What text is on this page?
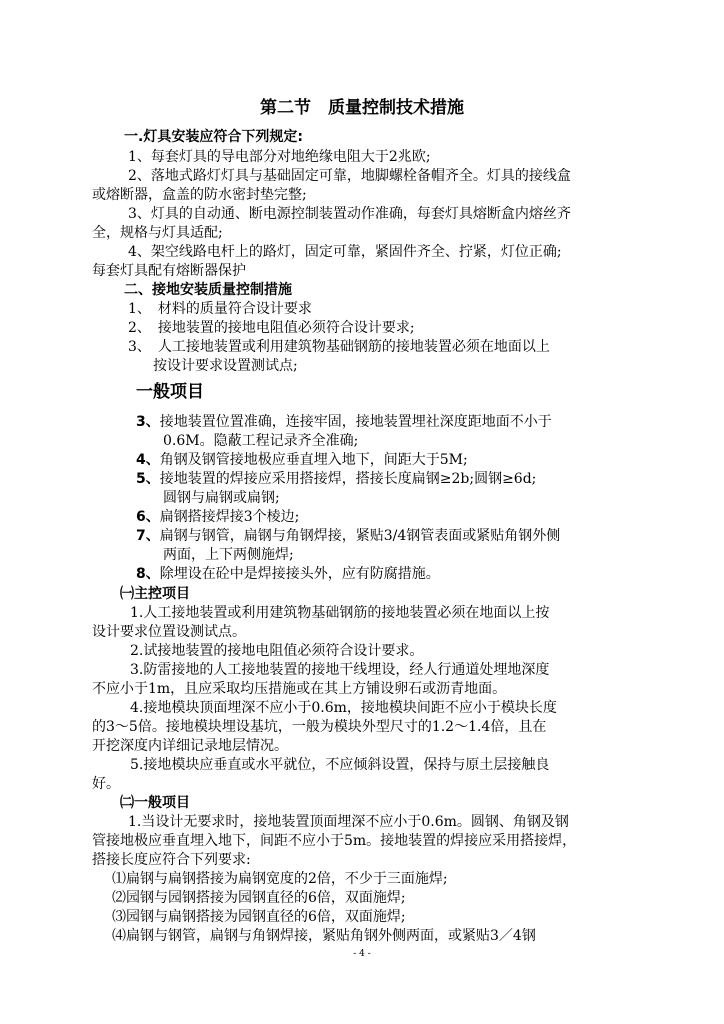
第二节　质量控制技术措施
一.灯具安装应符合下列规定:
1、每套灯具的导电部分对地绝缘电阻大于2兆欧;
2、落地式路灯灯具与基础固定可靠，地脚螺栓备帽齐全。灯具的接线盒
或熔断器，盒盖的防水密封垫完整;
3、灯具的自动通、断电源控制装置动作准确，每套灯具熔断盒内熔丝齐
全，规格与灯具适配;
4、架空线路电杆上的路灯，固定可靠，紧固件齐全、拧紧，灯位正确;
每套灯具配有熔断器保护
二、接地安装质量控制措施
1、　材料的质量符合设计要求
2、　接地装置的接地电阻值必须符合设计要求;
3、　人工接地装置或利用建筑物基础钢筋的接地装置必须在地面以上
按设计要求设置测试点;
一般项目
3、接地装置位置准确，连接牢固，接地装置埋社深度距地面不小于
0.6M。隐蔽工程记录齐全准确;
4、角钢及钢管接地极应垂直埋入地下，间距大于5M;
5、接地装置的焊接应采用搭接焊，搭接长度扁钢≥2b;圆钢≥6d;
圆钢与扁钢或扁钢;
6、扁钢搭接焊接3个棱边;
7、扁钢与钢管，扁钢与角钢焊接，紧贴3/4钢管表面或紧贴角钢外侧
两面，上下两侧施焊;
8、除埋设在砼中是焊接接头外，应有防腐措施。
㈠主控项目
1.人工接地装置或利用建筑物基础钢筋的接地装置必须在地面以上按
设计要求位置设测试点。
2.试接地装置的接地电阻值必须符合设计要求。
3.防雷接地的人工接地装置的接地干线埋设，经人行通道处埋地深度
不应小于1m，且应采取均压措施或在其上方铺设卵石或沥青地面。
4.接地模块顶面埋深不应小于0.6m，接地模块间距不应小于模块长度
的3～5倍。接地模块埋设基坑，一般为模块外型尺寸的1.2～1.4倍，且在
开挖深度内详细记录地层情况。
5.接地模块应垂直或水平就位，不应倾斜设置，保持与原土层接触良
好。
㈡一般项目
1.当设计无要求时，接地装置顶面埋深不应小于0.6m。圆钢、角钢及钢
管接地极应垂直埋入地下，间距不应小于5m。接地装置的焊接应采用搭接焊，
搭接长度应符合下列要求:
⑴扁钢与扁钢搭接为扁钢宽度的2倍，不少于三面施焊;
⑵园钢与园钢搭接为园钢直径的6倍，双面施焊;
⑶园钢与扁钢搭接为园钢直径的6倍，双面施焊;
⑷扁钢与钢管，扁钢与角钢焊接，紧贴角钢外侧两面，或紧贴3／4钢
- 4 -
